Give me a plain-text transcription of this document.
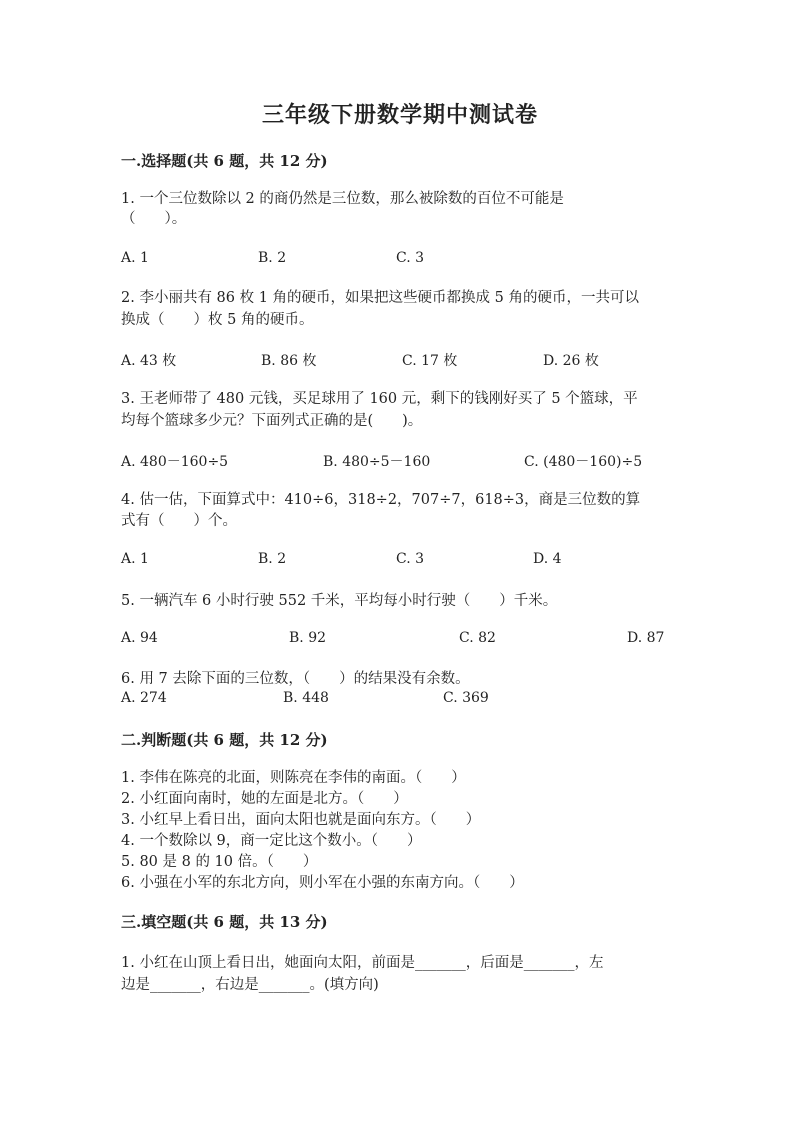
三年级下册数学期中测试卷
一.选择题(共 6 题，共 12 分)
1. 一个三位数除以 2 的商仍然是三位数，那么被除数的百位不可能是
（　　）。
A. 1	B. 2	C. 3
2. 李小丽共有 86 枚 1 角的硬币，如果把这些硬币都换成 5 角的硬币，一共可以
换成（　　）枚 5 角的硬币。
A. 43 枚	B. 86 枚	C. 17 枚	D. 26 枚
3. 王老师带了 480 元钱，买足球用了 160 元，剩下的钱刚好买了 5 个篮球，平
均每个篮球多少元？下面列式正确的是(　　)。
A. 480－160÷5	B. 480÷5－160	C. (480－160)÷5
4. 估一估，下面算式中：410÷6，318÷2，707÷7，618÷3，商是三位数的算
式有（　　）个。
A. 1	B. 2	C. 3	D. 4
5. 一辆汽车 6 小时行驶 552 千米，平均每小时行驶（　　）千米。
A. 94	B. 92	C. 82	D. 87
6. 用 7 去除下面的三位数，（　　）的结果没有余数。
A. 274	B. 448	C. 369
二.判断题(共 6 题，共 12 分)
1. 李伟在陈亮的北面，则陈亮在李伟的南面。（　　）
2. 小红面向南时，她的左面是北方。（　　）
3. 小红早上看日出，面向太阳也就是面向东方。（　　）
4. 一个数除以 9，商一定比这个数小。（　　）
5. 80 是 8 的 10 倍。（　　）
6. 小强在小军的东北方向，则小军在小强的东南方向。（　　）
三.填空题(共 6 题，共 13 分)
1. 小红在山顶上看日出，她面向太阳，前面是_______，后面是_______，左
边是_______，右边是_______。(填方向)
